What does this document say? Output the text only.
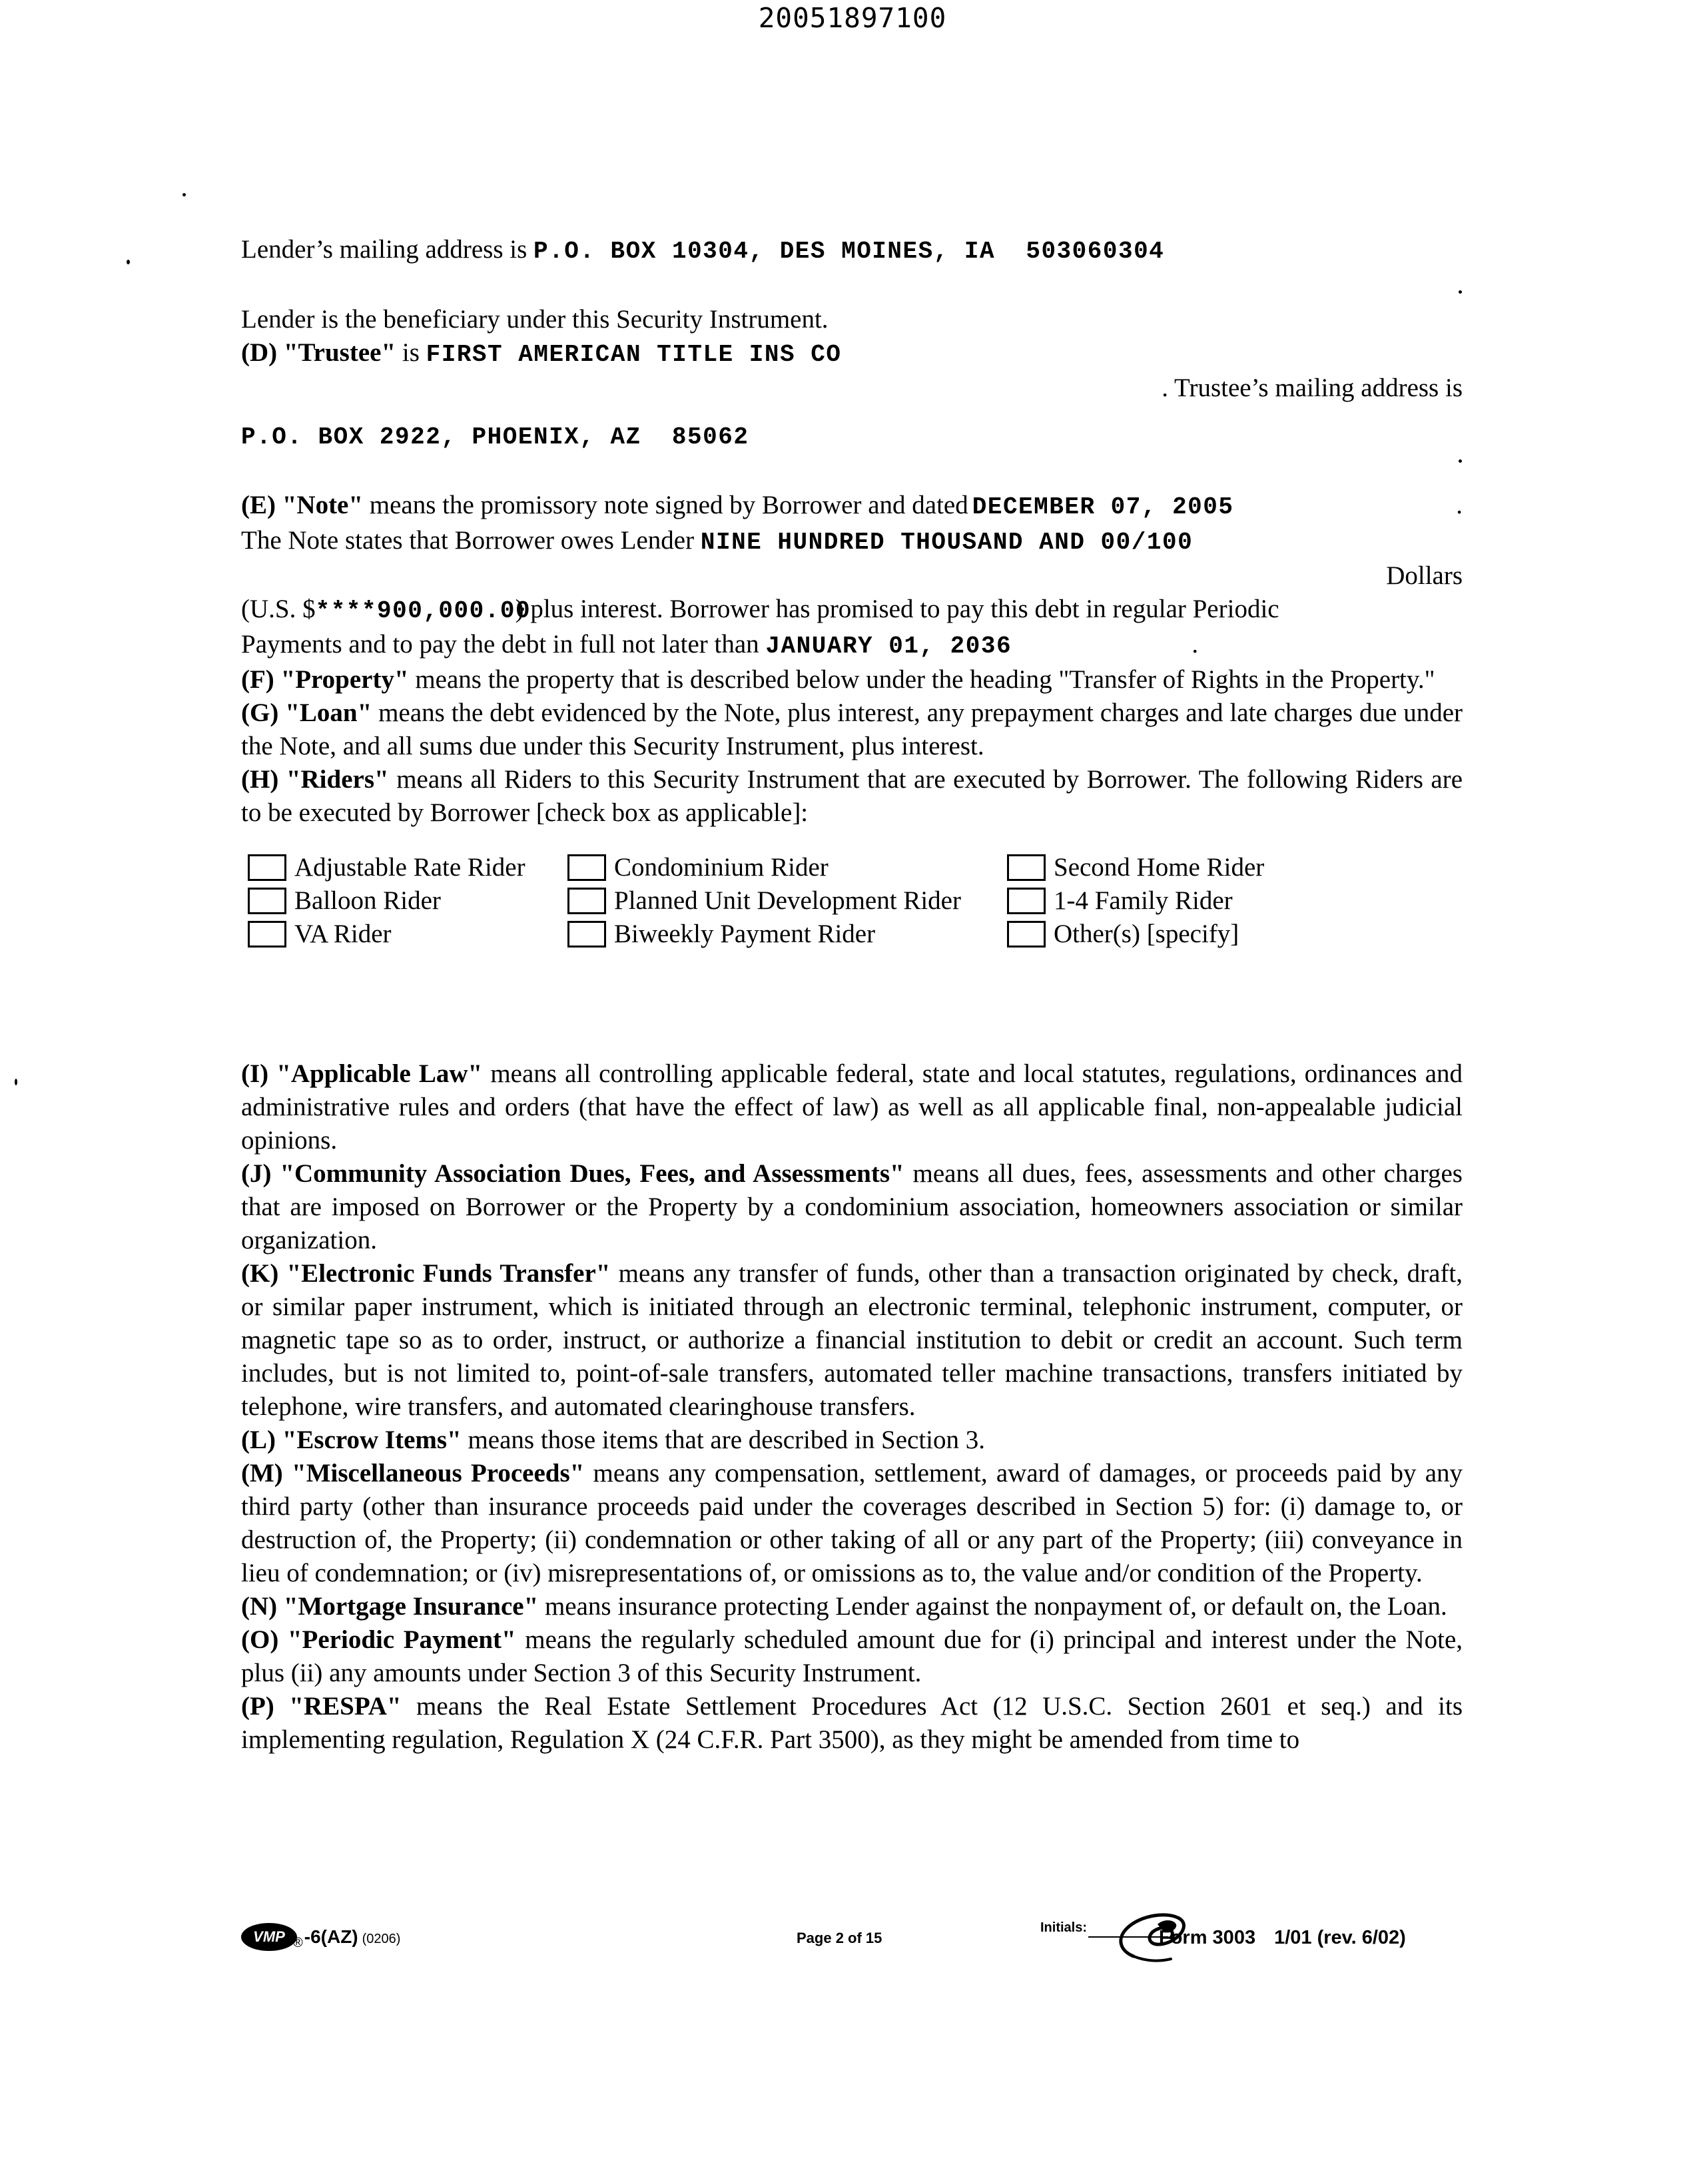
20051897100
Lender’s mailing address is P.O. BOX 10304, DES MOINES, IA  503060304
Lender is the beneficiary under this Security Instrument.
(D) "Trustee" is FIRST AMERICAN TITLE INS CO
. Trustee’s mailing address is
P.O. BOX 2922, PHOENIX, AZ  85062
(E) "Note" means the promissory note signed by Borrower and dated DECEMBER 07, 2005	.
The Note states that Borrower owes Lender NINE HUNDRED THOUSAND AND 00/100
Dollars
(U.S. $****900,000.00) plus interest. Borrower has promised to pay this debt in regular Periodic
Payments and to pay the debt in full not later than JANUARY 01, 2036	.
(F) "Property" means the property that is described below under the heading "Transfer of Rights in the Property."
(G) "Loan" means the debt evidenced by the Note, plus interest, any prepayment charges and late charges due under the Note, and all sums due under this Security Instrument, plus interest.
(H) "Riders" means all Riders to this Security Instrument that are executed by Borrower. The following Riders are to be executed by Borrower [check box as applicable]:
Adjustable Rate Rider	Condominium Rider	Second Home Rider
Balloon Rider	Planned Unit Development Rider	1-4 Family Rider
VA Rider	Biweekly Payment Rider	Other(s) [specify]
(I) "Applicable Law" means all controlling applicable federal, state and local statutes, regulations, ordinances and administrative rules and orders (that have the effect of law) as well as all applicable final, non-appealable judicial opinions.
(J) "Community Association Dues, Fees, and Assessments" means all dues, fees, assessments and other charges that are imposed on Borrower or the Property by a condominium association, homeowners association or similar organization.
(K) "Electronic Funds Transfer" means any transfer of funds, other than a transaction originated by check, draft, or similar paper instrument, which is initiated through an electronic terminal, telephonic instrument, computer, or magnetic tape so as to order, instruct, or authorize a financial institution to debit or credit an account. Such term includes, but is not limited to, point-of-sale transfers, automated teller machine transactions, transfers initiated by telephone, wire transfers, and automated clearinghouse transfers.
(L) "Escrow Items" means those items that are described in Section 3.
(M) "Miscellaneous Proceeds" means any compensation, settlement, award of damages, or proceeds paid by any third party (other than insurance proceeds paid under the coverages described in Section 5) for: (i) damage to, or destruction of, the Property; (ii) condemnation or other taking of all or any part of the Property; (iii) conveyance in lieu of condemnation; or (iv) misrepresentations of, or omissions as to, the value and/or condition of the Property.
(N) "Mortgage Insurance" means insurance protecting Lender against the nonpayment of, or default on, the Loan.
(O) "Periodic Payment" means the regularly scheduled amount due for (i) principal and interest under the Note, plus (ii) any amounts under Section 3 of this Security Instrument.
(P) "RESPA" means the Real Estate Settlement Procedures Act (12 U.S.C. Section 2601 et seq.) and its implementing regulation, Regulation X (24 C.F.R. Part 3500), as they might be amended from time to
VMP ® -6(AZ) (0206)	Page 2 of 15
Initials:	Form 3003 1/01 (rev. 6/02)
